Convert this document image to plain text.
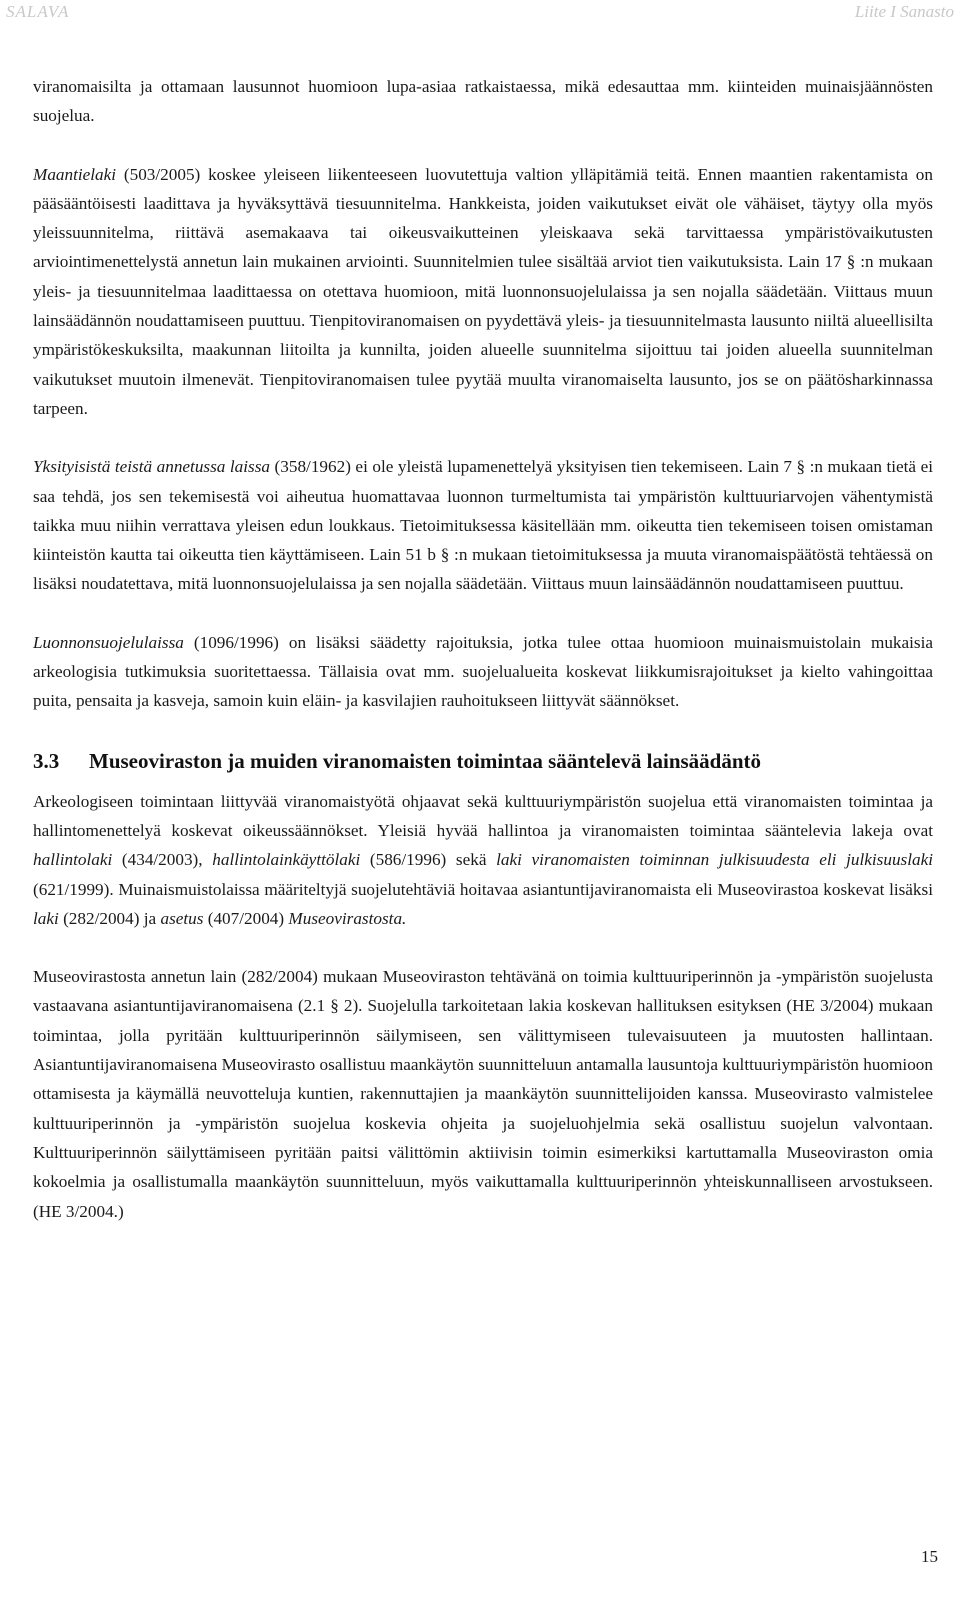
SALAVA	Liite I Sanasto

viranomaisilta ja ottamaan lausunnot huomioon lupa-asiaa ratkaistaessa, mikä edesauttaa mm. kiinteiden muinaisjäännösten suojelua.

Maantielaki (503/2005) koskee yleiseen liikenteeseen luovutettuja valtion ylläpitämiä teitä. Ennen maantien rakentamista on pääsääntöisesti laadittava ja hyväksyttävä tiesuunnitelma. Hankkeista, joiden vaikutukset eivät ole vähäiset, täytyy olla myös yleissuunnitelma, riittävä asemakaava tai oikeusvaikutteinen yleiskaava sekä tarvittaessa ympäristövaikutusten arviointimenettelystä annetun lain mukainen arviointi. Suunnitelmien tulee sisältää arviot tien vaikutuksista. Lain 17 § :n mukaan yleis- ja tiesuunnitelmaa laadittaessa on otettava huomioon, mitä luonnonsuojelulaissa ja sen nojalla säädetään. Viittaus muun lainsäädännön noudattamiseen puuttuu. Tienpitoviranomaisen on pyydettävä yleis- ja tiesuunnitelmasta lausunto niiltä alueellisilta ympäristökeskuksilta, maakunnan liitoilta ja kunnilta, joiden alueelle suunnitelma sijoittuu tai joiden alueella suunnitelman vaikutukset muutoin ilmenevät. Tienpitoviranomaisen tulee pyytää muulta viranomaiselta lausunto, jos se on päätösharkinnassa tarpeen.

Yksityisistä teistä annetussa laissa (358/1962) ei ole yleistä lupamenettelyä yksityisen tien tekemiseen. Lain 7 § :n mukaan tietä ei saa tehdä, jos sen tekemisestä voi aiheutua huomattavaa luonnon turmeltumista tai ympäristön kulttuuriarvojen vähentymistä taikka muu niihin verrattava yleisen edun loukkaus. Tietoimituksessa käsitellään mm. oikeutta tien tekemiseen toisen omistaman kiinteistön kautta tai oikeutta tien käyttämiseen. Lain 51 b § :n mukaan tietoimituksessa ja muuta viranomaispäätöstä tehtäessä on lisäksi noudatettava, mitä luonnonsuojelulaissa ja sen nojalla säädetään. Viittaus muun lainsäädännön noudattamiseen puuttuu.

Luonnonsuojelulaissa (1096/1996) on lisäksi säädetty rajoituksia, jotka tulee ottaa huomioon muinaismuistolain mukaisia arkeologisia tutkimuksia suoritettaessa. Tällaisia ovat mm. suojelualueita koskevat liikkumisrajoitukset ja kielto vahingoittaa puita, pensaita ja kasveja, samoin kuin eläin- ja kasvilajien rauhoitukseen liittyvät säännökset.

3.3 Museoviraston ja muiden viranomaisten toimintaa sääntelevä lainsäädäntö

Arkeologiseen toimintaan liittyvää viranomaistyötä ohjaavat sekä kulttuuriympäristön suojelua että viranomaisten toimintaa ja hallintomenettelyä koskevat oikeussäännökset. Yleisiä hyvää hallintoa ja viranomaisten toimintaa sääntelevia lakeja ovat hallintolaki (434/2003), hallintolainkäyttölaki (586/1996) sekä laki viranomaisten toiminnan julkisuudesta eli julkisuuslaki (621/1999). Muinaismuistolaissa määriteltyjä suojelutehtäviä hoitavaa asiantuntijaviranomaista eli Museovirastoa koskevat lisäksi laki (282/2004) ja asetus (407/2004) Museovirastosta.

Museovirastosta annetun lain (282/2004) mukaan Museoviraston tehtävänä on toimia kulttuuriperinnön ja -ympäristön suojelusta vastaavana asiantuntijaviranomaisena (2.1 § 2). Suojelulla tarkoitetaan lakia koskevan hallituksen esityksen (HE 3/2004) mukaan toimintaa, jolla pyritään kulttuuriperinnön säilymiseen, sen välittymiseen tulevaisuuteen ja muutosten hallintaan. Asiantuntijaviranomaisena Museovirasto osallistuu maankäytön suunnitteluun antamalla lausuntoja kulttuuriympäristön huomioon ottamisesta ja käymällä neuvotteluja kuntien, rakennuttajien ja maankäytön suunnittelijoiden kanssa. Museovirasto valmistelee kulttuuriperinnön ja -ympäristön suojelua koskevia ohjeita ja suojeluohjelmia sekä osallistuu suojelun valvontaan. Kulttuuriperinnön säilyttämiseen pyritään paitsi välittömin aktiivisin toimin esimerkiksi kartuttamalla Museoviraston omia kokoelmia ja osallistumalla maankäytön suunnitteluun, myös vaikuttamalla kulttuuriperinnön yhteiskunnalliseen arvostukseen. (HE 3/2004.)

15
